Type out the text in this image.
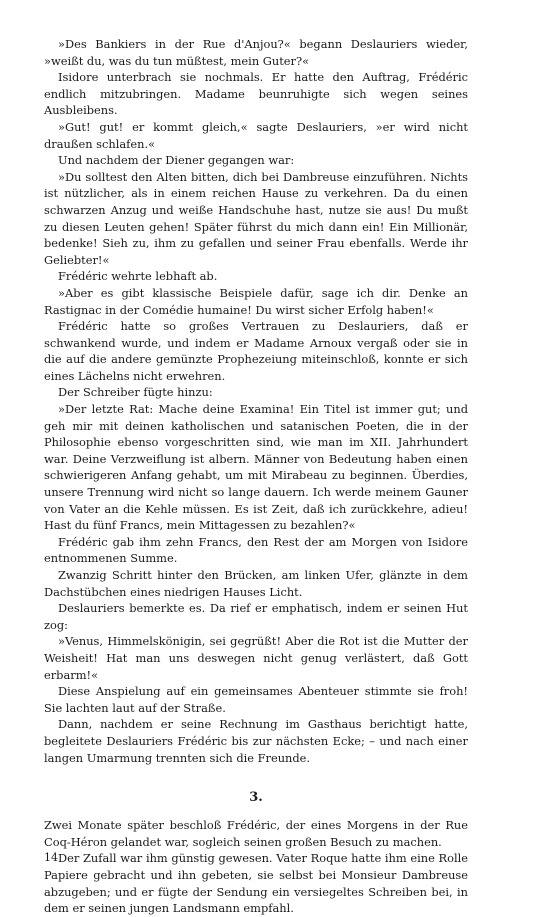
»Des Bankiers in der Rue d'Anjou?« begann Deslauriers wieder, »weißt du, was du tun müßtest, mein Guter?«

Isidore unterbrach sie nochmals. Er hatte den Auftrag, Frédéric endlich mitzubringen. Madame beunruhigte sich wegen seines Ausbleibens.

»Gut! gut! er kommt gleich,« sagte Deslauriers, »er wird nicht draußen schlafen.«

Und nachdem der Diener gegangen war:

»Du solltest den Alten bitten, dich bei Dambreuse einzuführen. Nichts ist nützlicher, als in einem reichen Hause zu verkehren. Da du einen schwarzen Anzug und weiße Handschuhe hast, nutze sie aus! Du mußt zu diesen Leuten gehen! Später führst du mich dann ein! Ein Millionär, bedenke! Sieh zu, ihm zu gefallen und seiner Frau ebenfalls. Werde ihr Geliebter!«

Frédéric wehrte lebhaft ab.

»Aber es gibt klassische Beispiele dafür, sage ich dir. Denke an Rastignac in der Comédie humaine! Du wirst sicher Erfolg haben!«

Frédéric hatte so großes Vertrauen zu Deslauriers, daß er schwankend wurde, und indem er Madame Arnoux vergaß oder sie in die auf die andere gemünzte Prophezeiung miteinschloß, konnte er sich eines Lächelns nicht erwehren.

Der Schreiber fügte hinzu:

»Der letzte Rat: Mache deine Examina! Ein Titel ist immer gut; und geh mir mit deinen katholischen und satanischen Poeten, die in der Philosophie ebenso vorgeschritten sind, wie man im XII. Jahrhundert war. Deine Verzweiflung ist albern. Männer von Bedeutung haben einen schwierigeren Anfang gehabt, um mit Mirabeau zu beginnen. Überdies, unsere Trennung wird nicht so lange dauern. Ich werde meinem Gauner von Vater an die Kehle müssen. Es ist Zeit, daß ich zurückkehre, adieu! Hast du fünf Francs, mein Mittagessen zu bezahlen?«

Frédéric gab ihm zehn Francs, den Rest der am Morgen von Isidore entnommenen Summe.

Zwanzig Schritt hinter den Brücken, am linken Ufer, glänzte in dem Dachstübchen eines niedrigen Hauses Licht.

Deslauriers bemerkte es. Da rief er emphatisch, indem er seinen Hut zog:

»Venus, Himmelskönigin, sei gegrüßt! Aber die Rot ist die Mutter der Weisheit! Hat man uns deswegen nicht genug verlästert, daß Gott erbarm!«

Diese Anspielung auf ein gemeinsames Abenteuer stimmte sie froh! Sie lachten laut auf der Straße.

Dann, nachdem er seine Rechnung im Gasthaus berichtigt hatte, begleitete Deslauriers Frédéric bis zur nächsten Ecke; – und nach einer langen Umarmung trennten sich die Freunde.

3.

Zwei Monate später beschloß Frédéric, der eines Morgens in der Rue Coq-Héron gelandet war, sogleich seinen großen Besuch zu machen.

Der Zufall war ihm günstig gewesen. Vater Roque hatte ihm eine Rolle Papiere gebracht und ihn gebeten, sie selbst bei Monsieur Dambreuse abzugeben; und er fügte der Sendung ein versiegeltes Schreiben bei, in dem er seinen jungen Landsmann empfahl.

14
